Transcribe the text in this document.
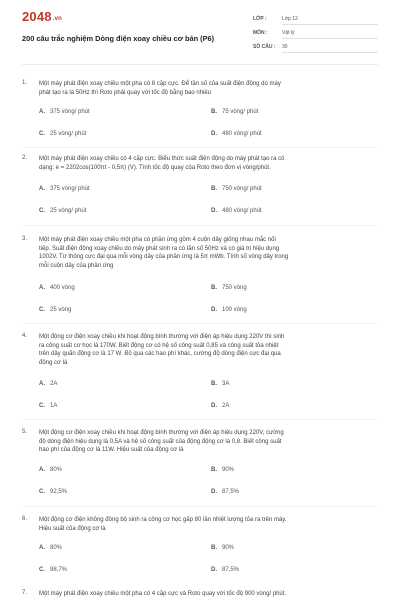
2048.vn
200 câu trắc nghiệm Dòng điện xoay chiều cơ bản (P6)
LỚP :	Lớp 12
MÔN :	Vật lý
SỐ CÂU : 30
1. Một máy phát điện xoay chiều một pha có 8 cặp cực. Để tần số của suất điện động do máy
phát tạo ra là 50Hz thì Roto phải quay với tốc độ bằng bao nhiêu
A. 375 vòng/ phút	B. 75 vòng/ phút
C. 25 vòng/ phút	D. 480 vòng/ phút
2. Một máy phát điện xoay chiều có 4 cặp cực. Biểu thức suất điện động do máy phát tạo ra có
dạng: e = 2202cos(100πt - 0,5π) (V). Tính tốc độ quay của Roto theo đơn vị vòng/phút.
A. 375 vòng/ phút	B. 750 vòng/ phút
C. 25 vòng/ phút	D. 480 vòng/ phút
3. Một máy phát điện xoay chiều một pha có phần ứng gồm 4 cuộn dây giống nhau mắc nối
tiếp. Suất điện động xoay chiều do máy phát sinh ra có tần số 50Hz và có giá trị hiệu dụng
1002V. Từ thông cực đại qua mỗi vòng dây của phần ứng là 5π mWb. Tính số vòng dây trong
mỗi cuộn dây của phần ứng
A. 400 vòng	B. 750 vòng
C. 25 vòng	D. 100 vòng
4. Một động cơ điện xoay chiều khi hoạt động bình thường với điện áp hiệu dụng 220V thì sinh
ra công suất cơ học là 170W. Biết động cơ có hệ số công suất 0,85 và công suất tỏa nhiệt
trên dây quấn động cơ là 17 W. Bỏ qua các hao phí khác, cường độ dòng điện cực đại qua
động cơ là
A. 2A	B. 3A
C. 1A	D. 2A
5. Một động cơ điện xoay chiều khi hoạt động bình thường với điện áp hiệu dụng 220V, cường
độ dòng điện hiệu dụng là 0,5A và hệ số công suất của động động cơ là 0,8. Biết công suất
hao phí của động cơ là 11W. Hiệu suất của động cơ là
A. 80%	B. 90%
C. 92,5%	D. 87,5%
6. Một động cơ điện không đồng bộ sinh ra công cơ học gấp 80 lần nhiệt lượng tỏa ra trên máy.
Hiệu suất của động cơ là
A. 80%	B. 90%
C. 98,7%	D. 87,5%
7. Một máy phát điện xoay chiều một pha có 4 cặp cực và Roto quay với tốc độ 900 vòng/ phút.
